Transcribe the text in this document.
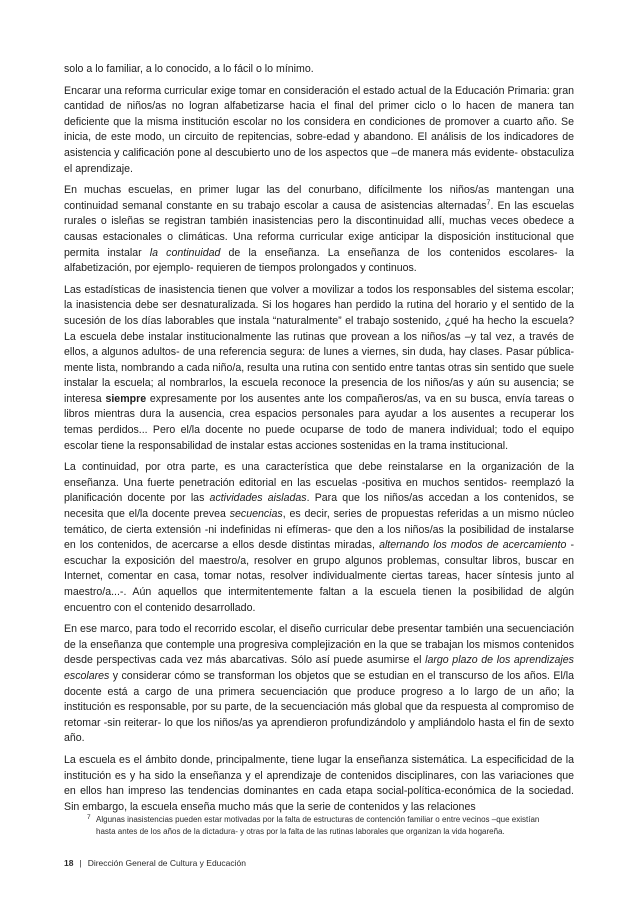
solo a lo familiar, a lo conocido, a lo fácil o lo mínimo.

Encarar una reforma curricular exige tomar en consideración el estado actual de la Educación Primaria: gran cantidad de niños/as no logran alfabetizarse hacia el final del primer ciclo o lo hacen de manera tan deficiente que la misma institución escolar no los considera en condiciones de promover a cuarto año. Se inicia, de este modo, un circuito de repitencias, sobre-edad y abandono. El análisis de los indicadores de asistencia y calificación pone al descubierto uno de los aspectos que –de manera más evidente- obstaculiza el aprendizaje.

En muchas escuelas, en primer lugar las del conurbano, difícilmente los niños/as mantengan una continuidad semanal constante en su trabajo escolar a causa de asistencias alternadas$^7$. En las escuelas rurales o isleñas se registran también inasistencias pero la discontinuidad allí, muchas veces obedece a causas estacionales o climáticas. Una reforma curricular exige anticipar la disposición institucional que permita instalar la continuidad de la enseñanza. La enseñanza de los contenidos escolares- la alfabetización, por ejemplo- requieren de tiempos prolongados y continuos.

Las estadísticas de inasistencia tienen que volver a movilizar a todos los responsables del sistema escolar; la inasistencia debe ser desnaturalizada. Si los hogares han perdido la rutina del horario y el sentido de la sucesión de los días laborables que instala “naturalmente” el trabajo sostenido, ¿qué ha hecho la escuela? La escuela debe instalar institucionalmente las rutinas que provean a los niños/as –y tal vez, a través de ellos, a algunos adultos- de una referencia segura: de lunes a viernes, sin duda, hay clases. Pasar pública-mente lista, nombrando a cada niño/a, resulta una rutina con sentido entre tantas otras sin sentido que suele instalar la escuela; al nombrarlos, la escuela reconoce la presencia de los niños/as y aún su ausencia; se interesa siempre expresamente por los ausentes ante los compañeros/as, va en su busca, envía tareas o libros mientras dura la ausencia, crea espacios personales para ayudar a los ausentes a recuperar los temas perdidos... Pero el/la docente no puede ocuparse de todo de manera individual; todo el equipo escolar tiene la responsabilidad de instalar estas acciones sostenidas en la trama institucional.

La continuidad, por otra parte, es una característica que debe reinstalarse en la organización de la enseñanza. Una fuerte penetración editorial en las escuelas -positiva en muchos sentidos- reemplazó la planificación docente por las actividades aisladas. Para que los niños/as accedan a los contenidos, se necesita que el/la docente prevea secuencias, es decir, series de propuestas referidas a un mismo núcleo temático, de cierta extensión -ni indefinidas ni efímeras- que den a los niños/as la posibilidad de instalarse en los contenidos, de acercarse a ellos desde distintas miradas, alternando los modos de acercamiento -escuchar la exposición del maestro/a, resolver en grupo algunos problemas, consultar libros, buscar en Internet, comentar en casa, tomar notas, resolver individualmente ciertas tareas, hacer síntesis junto al maestro/a...-. Aún aquellos que intermitentemente faltan a la escuela tienen la posibilidad de algún encuentro con el contenido desarrollado.

En ese marco, para todo el recorrido escolar, el diseño curricular debe presentar también una secuenciación de la enseñanza que contemple una progresiva complejización en la que se trabajan los mismos contenidos desde perspectivas cada vez más abarcativas. Sólo así puede asumirse el largo plazo de los aprendizajes escolares y considerar cómo se transforman los objetos que se estudian en el transcurso de los años. El/la docente está a cargo de una primera secuenciación que produce progreso a lo largo de un año; la institución es responsable, por su parte, de la secuenciación más global que da respuesta al compromiso de retomar -sin reiterar- lo que los niños/as ya aprendieron profundizándolo y ampliándolo hasta el fin de sexto año.

La escuela es el ámbito donde, principalmente, tiene lugar la enseñanza sistemática. La especificidad de la institución es y ha sido la enseñanza y el aprendizaje de contenidos disciplinares, con las variaciones que en ellos han impreso las tendencias dominantes en cada etapa social-política-económica de la sociedad. Sin embargo, la escuela enseña mucho más que la serie de contenidos y las relaciones

7 Algunas inasistencias pueden estar motivadas por la falta de estructuras de contención familiar o entre vecinos –que existían hasta antes de los años de la dictadura- y otras por la falta de las rutinas laborales que organizan la vida hogareña.
18 | Dirección General de Cultura y Educación
